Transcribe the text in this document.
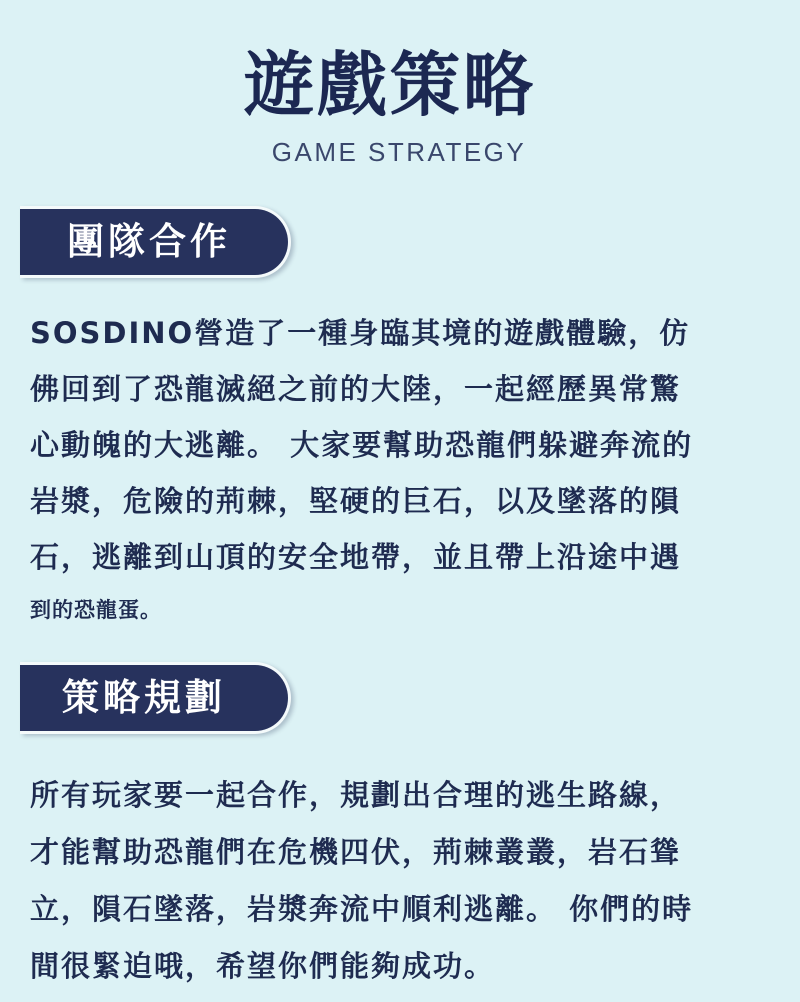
遊戲策略
GAME STRATEGY
團隊合作
SOSDINO營造了一種身臨其境的遊戲體驗，仿
佛回到了恐龍滅絕之前的大陸，一起經歷異常驚
心動魄的大逃離。 大家要幫助恐龍們躲避奔流的
岩漿，危險的荊棘，堅硬的巨石，以及墜落的隕
石，逃離到山頂的安全地帶，並且帶上沿途中遇
到的恐龍蛋。
策略規劃
所有玩家要一起合作，規劃出合理的逃生路線，
才能幫助恐龍們在危機四伏，荊棘叢叢，岩石聳
立，隕石墜落，岩漿奔流中順利逃離。 你們的時
間很緊迫哦，希望你們能夠成功。
